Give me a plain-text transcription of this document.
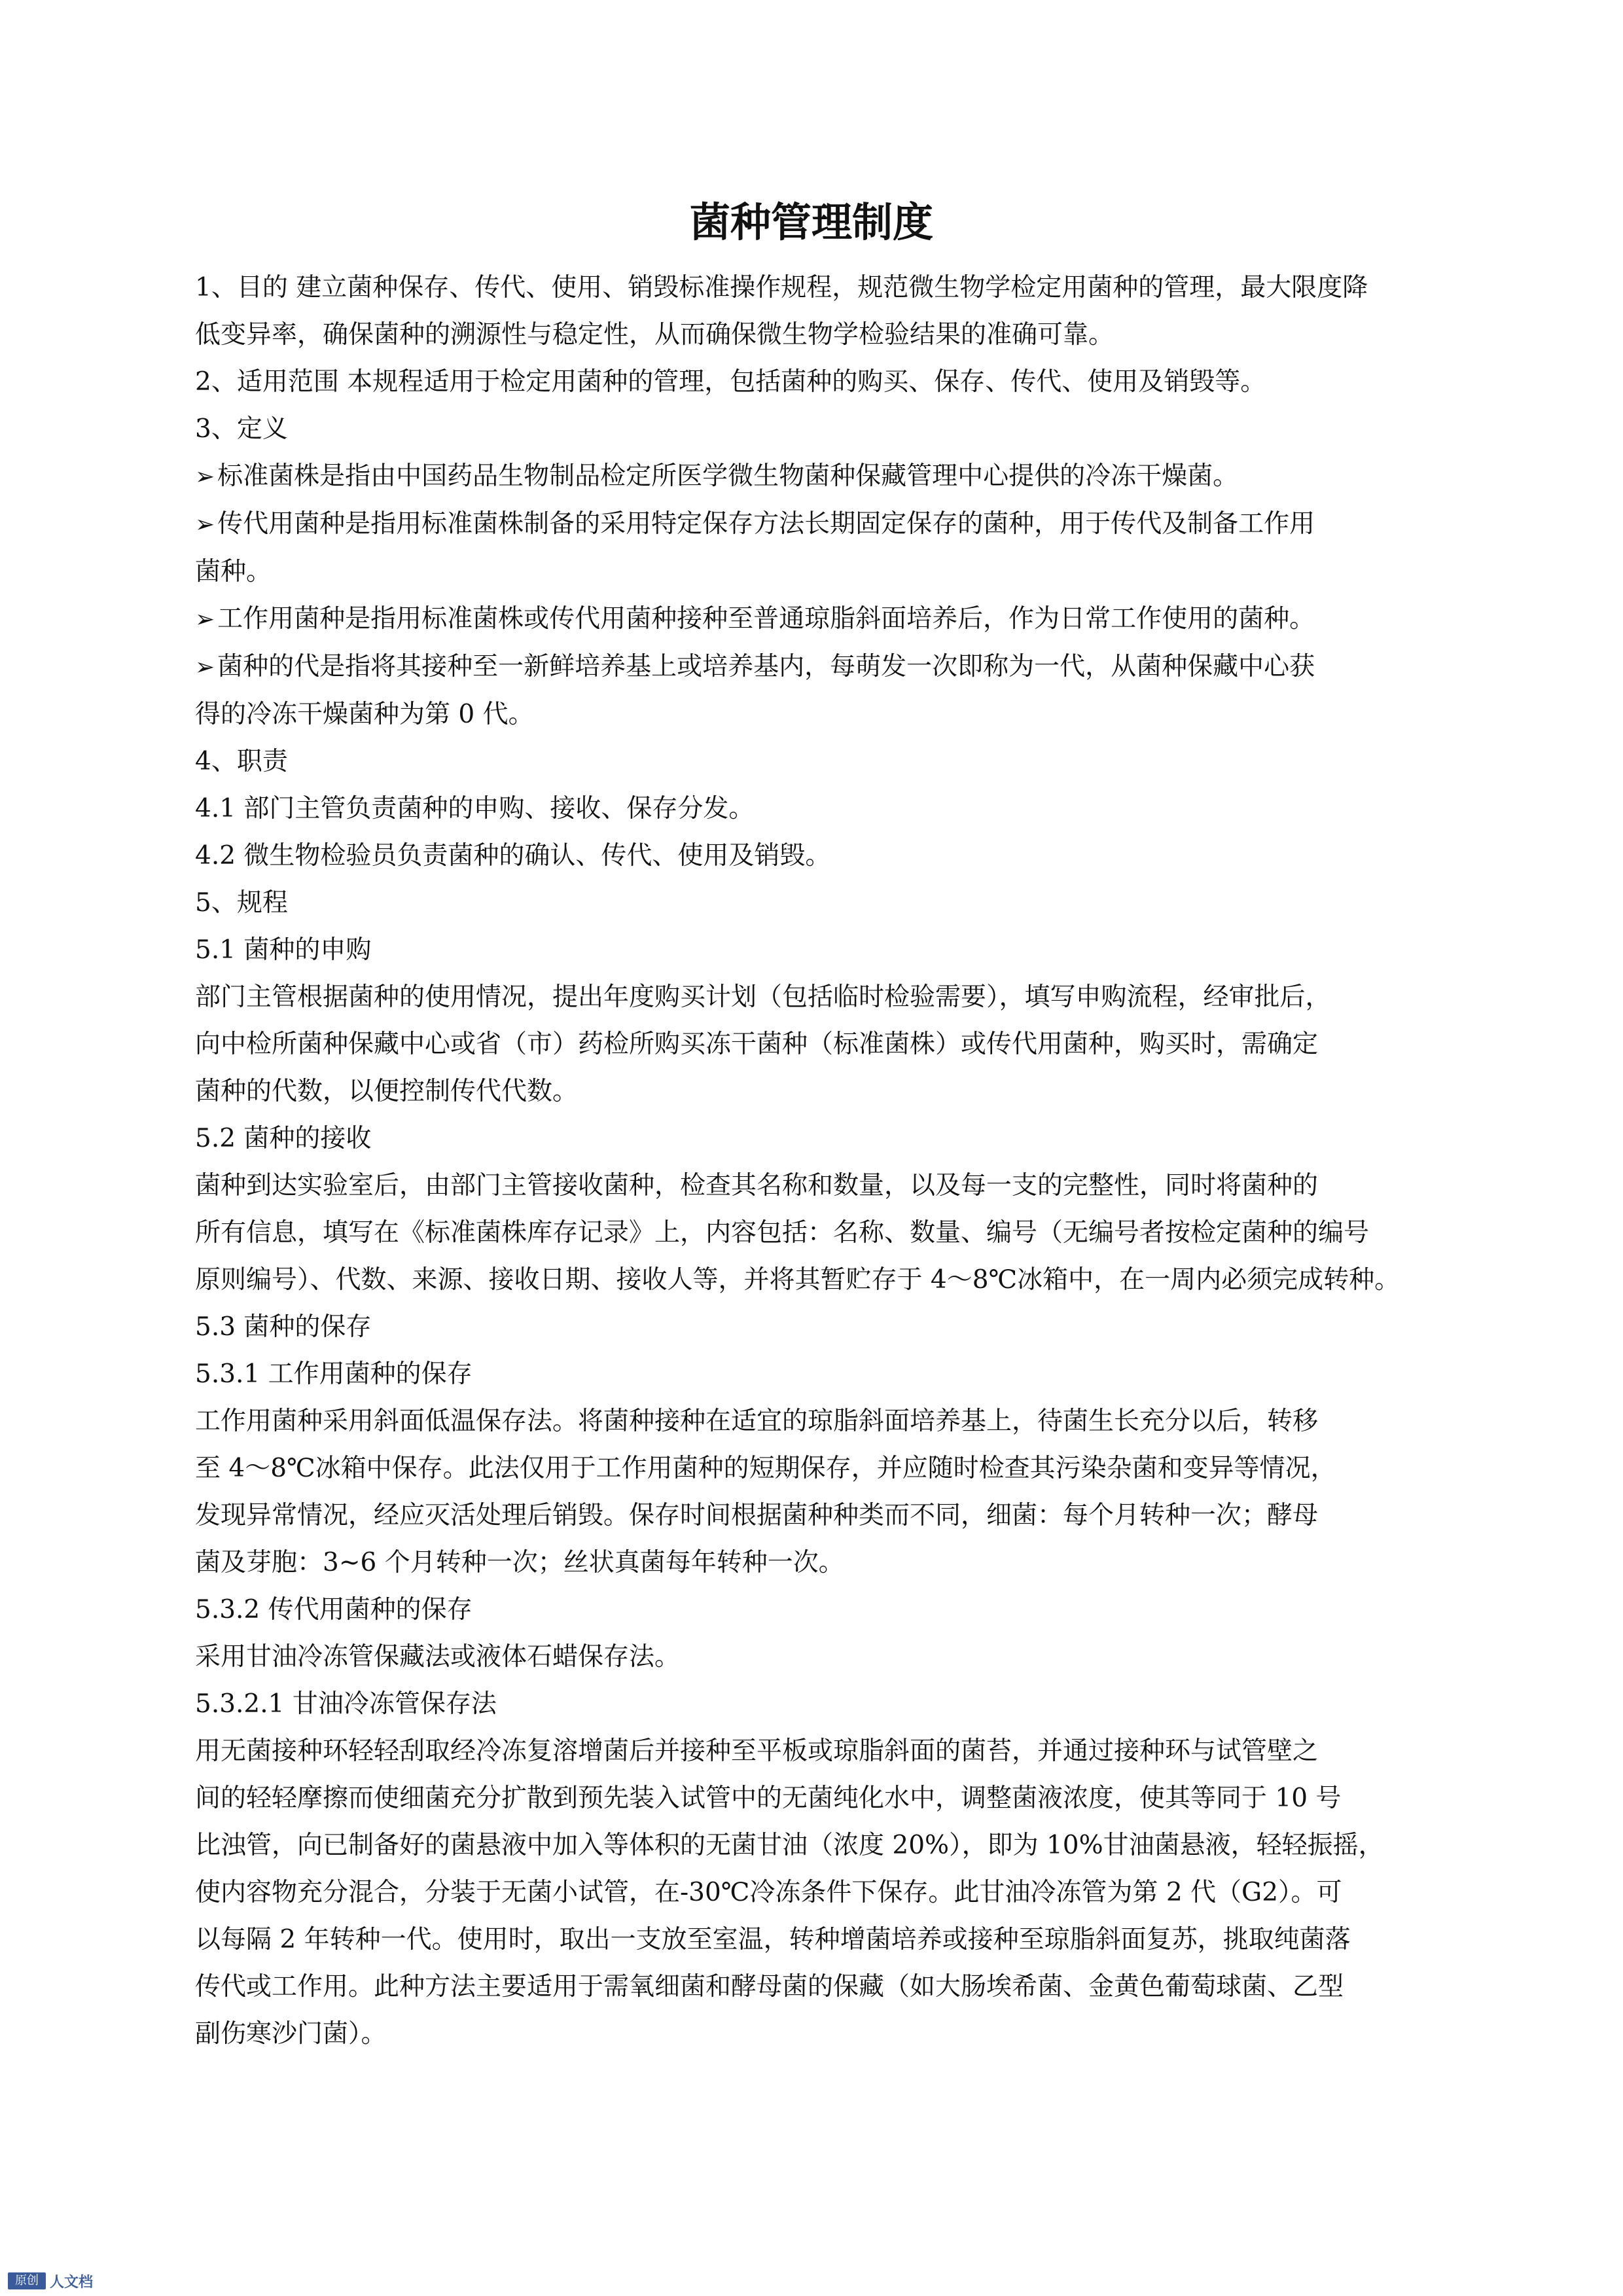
菌种管理制度

1、目的 建立菌种保存、传代、使用、销毁标准操作规程，规范微生物学检定用菌种的管理，最大限度降

低变异率，确保菌种的溯源性与稳定性，从而确保微生物学检验结果的准确可靠。

2、适用范围 本规程适用于检定用菌种的管理，包括菌种的购买、保存、传代、使用及销毁等。

3、定义

➢ 标准菌株是指由中国药品生物制品检定所医学微生物菌种保藏管理中心提供的冷冻干燥菌。

➢ 传代用菌种是指用标准菌株制备的采用特定保存方法长期固定保存的菌种，用于传代及制备工作用

菌种。

➢ 工作用菌种是指用标准菌株或传代用菌种接种至普通琼脂斜面培养后，作为日常工作使用的菌种。

➢ 菌种的代是指将其接种至一新鲜培养基上或培养基内，每萌发一次即称为一代，从菌种保藏中心获

得的冷冻干燥菌种为第 0 代。

4、职责

4.1 部门主管负责菌种的申购、接收、保存分发。

4.2 微生物检验员负责菌种的确认、传代、使用及销毁。

5、规程

5.1 菌种的申购

部门主管根据菌种的使用情况，提出年度购买计划（包括临时检验需要），填写申购流程，经审批后，

向中检所菌种保藏中心或省（市）药检所购买冻干菌种（标准菌株）或传代用菌种，购买时，需确定

菌种的代数，以便控制传代代数。

5.2 菌种的接收

菌种到达实验室后，由部门主管接收菌种，检查其名称和数量，以及每一支的完整性，同时将菌种的

所有信息，填写在《标准菌株库存记录》上，内容包括：名称、数量、编号（无编号者按检定菌种的编号

原则编号）、代数、来源、接收日期、接收人等，并将其暂贮存于 4～8℃冰箱中，在一周内必须完成转种。

5.3 菌种的保存

5.3.1 工作用菌种的保存

工作用菌种采用斜面低温保存法。将菌种接种在适宜的琼脂斜面培养基上，待菌生长充分以后，转移

至 4～8℃冰箱中保存。此法仅用于工作用菌种的短期保存，并应随时检查其污染杂菌和变异等情况，

发现异常情况，经应灭活处理后销毁。保存时间根据菌种种类而不同，细菌：每个月转种一次；酵母

菌及芽胞：3~6 个月转种一次；丝状真菌每年转种一次。

5.3.2 传代用菌种的保存

采用甘油冷冻管保藏法或液体石蜡保存法。

5.3.2.1 甘油冷冻管保存法

用无菌接种环轻轻刮取经冷冻复溶增菌后并接种至平板或琼脂斜面的菌苔，并通过接种环与试管壁之

间的轻轻摩擦而使细菌充分扩散到预先装入试管中的无菌纯化水中，调整菌液浓度，使其等同于 10 号

比浊管，向已制备好的菌悬液中加入等体积的无菌甘油（浓度 20%），即为 10%甘油菌悬液，轻轻振摇，

使内容物充分混合，分装于无菌小试管，在-30℃冷冻条件下保存。此甘油冷冻管为第 2 代（G2）。可

以每隔 2 年转种一代。使用时，取出一支放至室温，转种增菌培养或接种至琼脂斜面复苏，挑取纯菌落

传代或工作用。此种方法主要适用于需氧细菌和酵母菌的保藏（如大肠埃希菌、金黄色葡萄球菌、乙型

副伤寒沙门菌）。

原创 人文档
